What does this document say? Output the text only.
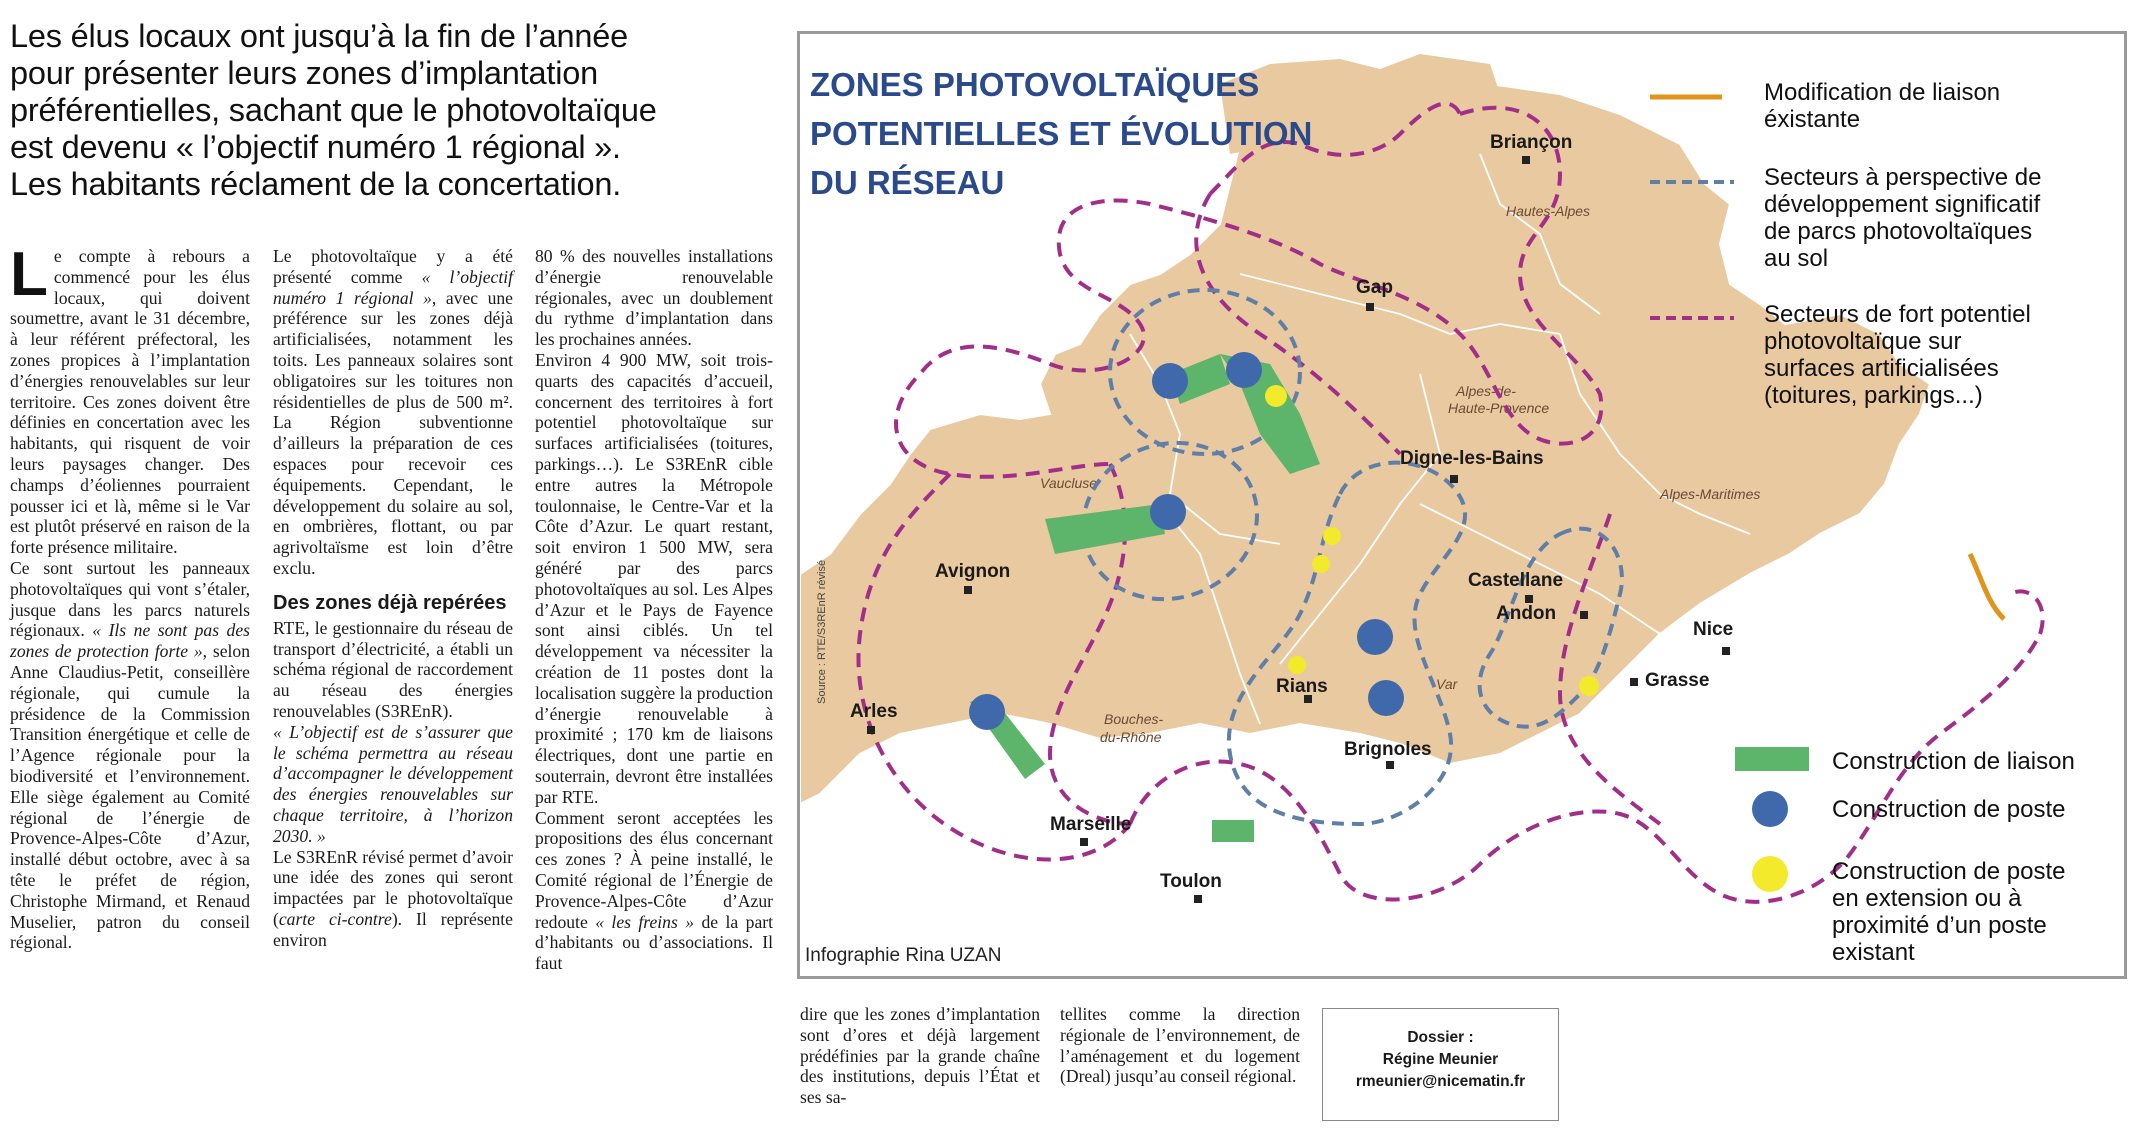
Les élus locaux ont jusqu’à la fin de l’année
pour présenter leurs zones d’implantation
préférentielles, sachant que le photovoltaïque
est devenu « l’objectif numéro 1 régional ».
Les habitants réclament de la concertation.

Le compte à rebours a commencé pour les élus locaux, qui doivent soumettre, avant le 31 décembre, à leur référent préfectoral, les zones propices à l’implantation d’énergies renouvelables sur leur territoire. Ces zones doivent être définies en concertation avec les habitants, qui risquent de voir leurs paysages changer. Des champs d’éoliennes pourraient pousser ici et là, même si le Var est plutôt préservé en raison de la forte présence militaire.

Ce sont surtout les panneaux photovoltaïques qui vont s’étaler, jusque dans les parcs naturels régionaux. « Ils ne sont pas des zones de protection forte », selon Anne Claudius-Petit, conseillère régionale, qui cumule la présidence de la Commission Transition énergétique et celle de l’Agence régionale pour la biodiversité et l’environnement. Elle siège également au Comité régional de l’énergie de Provence-Alpes-Côte d’Azur, installé début octobre, avec à sa tête le préfet de région, Christophe Mirmand, et Renaud Muselier, patron du conseil régional.

Le photovoltaïque y a été présenté comme « l’objectif numéro 1 régional », avec une préférence sur les zones déjà artificialisées, notamment les toits. Les panneaux solaires sont obligatoires sur les toitures non résidentielles de plus de 500 m². La Région subventionne d’ailleurs la préparation de ces espaces pour recevoir ces équipements. Cependant, le développement du solaire au sol, en ombrières, flottant, ou par agrivoltaïsme est loin d’être exclu.

Des zones déjà repérées

RTE, le gestionnaire du réseau de transport d’électricité, a établi un schéma régional de raccordement au réseau des énergies renouvelables (S3REnR).

« L’objectif est de s’assurer que le schéma permettra au réseau d’accompagner le développement des énergies renouvelables sur chaque territoire, à l’horizon 2030. »

Le S3REnR révisé permet d’avoir une idée des zones qui seront impactées par le photovoltaïque (carte ci-contre). Il représente environ

80 % des nouvelles installations d’énergie renouvelable régionales, avec un doublement du rythme d’implantation dans les prochaines années.

Environ 4 900 MW, soit trois-quarts des capacités d’accueil, concernent des territoires à fort potentiel photovoltaïque sur surfaces artificialisées (toitures, parkings…). Le S3REnR cible entre autres la Métropole toulonnaise, le Centre-Var et la Côte d’Azur. Le quart restant, soit environ 1 500 MW, sera généré par des parcs photovoltaïques au sol. Les Alpes d’Azur et le Pays de Fayence sont ainsi ciblés. Un tel développement va nécessiter la création de 11 postes dont la localisation suggère la production d’énergie renouvelable à proximité ; 170 km de liaisons électriques, dont une partie en souterrain, devront être installées par RTE.

Comment seront acceptées les propositions des élus concernant ces zones ? À peine installé, le Comité régional de l’Énergie de Provence-Alpes-Côte d’Azur redoute « les freins » de la part d’habitants ou d’associations. Il faut

dire que les zones d’implantation sont d’ores et déjà largement prédéfinies par la grande chaîne des institutions, depuis l’État et ses sa-

tellites comme la direction régionale de l’environnement, de l’aménagement et du logement (Dreal) jusqu’au conseil régional.

Dossier :
Régine Meunier
rmeunier@nicematin.fr
Hautes-Alpes
Alpes-de-
Haute-Provence
Vaucluse
Alpes-Maritimes
Var
Bouches-
du-Rhône
Briançon
Gap
Digne-les-Bains
Avignon
Arles
Castellane
Andon
Nice
Grasse
Rians
Brignoles
Marseille
Toulon
ZONES PHOTOVOLTAÏQUES
POTENTIELLES ET ÉVOLUTION
DU RÉSEAU
Source : RTE/S3REnR révisé
Infographie Rina UZAN
Modification de liaison
éxistante
Secteurs à perspective de
développement significatif
de parcs photovoltaïques
au sol
Secteurs de fort potentiel
photovoltaïque sur
surfaces artificialisées
(toitures, parkings...)
Construction de liaison
Construction de poste
Construction de poste
en extension ou à
proximité d’un poste
existant
